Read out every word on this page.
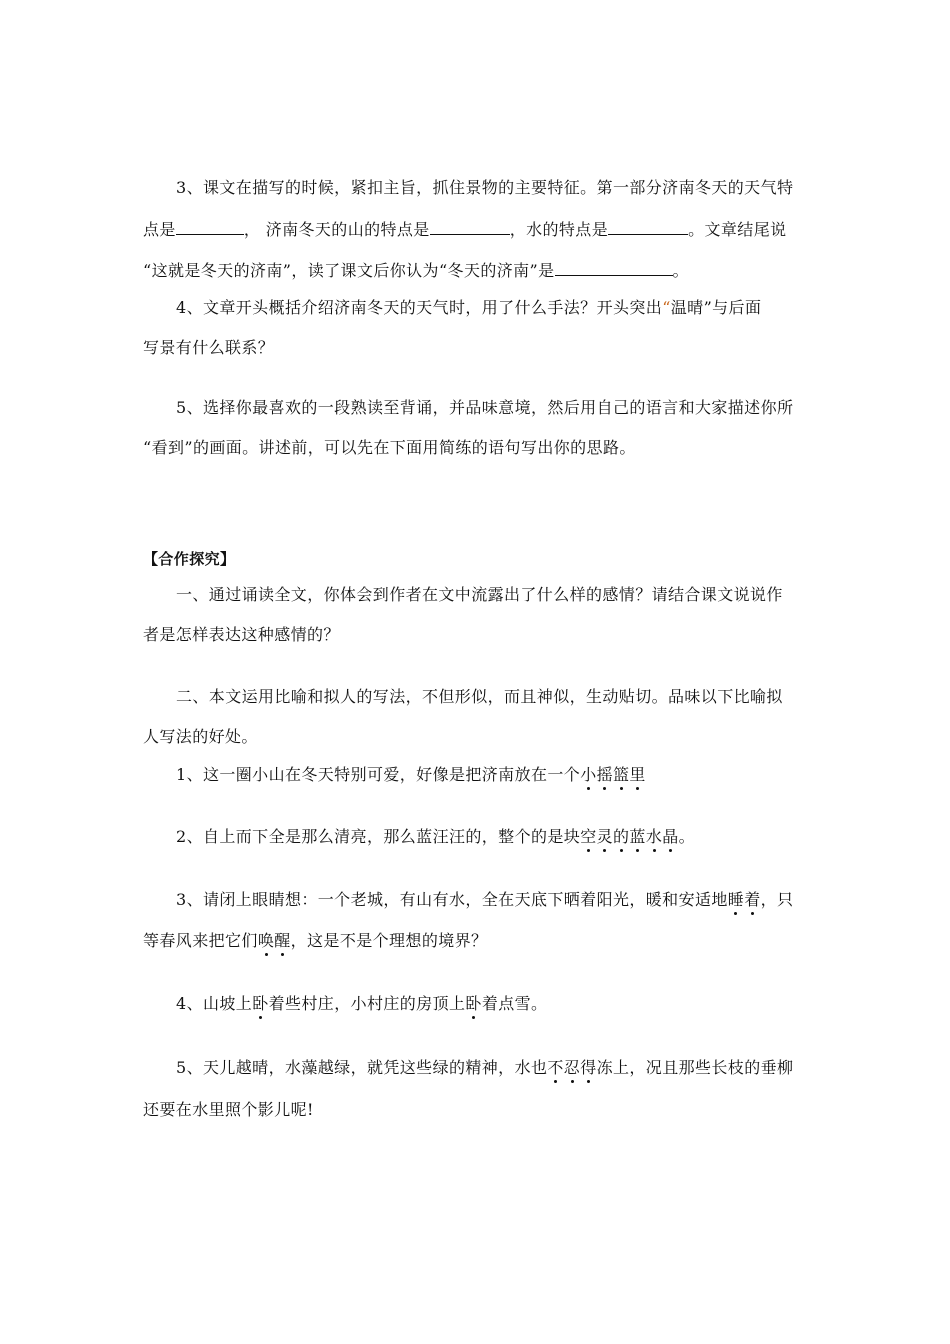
3、课文在描写的时候，紧扣主旨，抓住景物的主要特征。第一部分济南冬天的天气特
点是	， 济南冬天的山的特点是	，水的特点是	。文章结尾说
“这就是冬天的济南”，读了课文后你认为“冬天的济南”是	。
4、文章开头概括介绍济南冬天的天气时，用了什么手法？开头突出“温晴”与后面
写景有什么联系？
5、选择你最喜欢的一段熟读至背诵，并品味意境，然后用自己的语言和大家描述你所
“看到”的画面。讲述前，可以先在下面用简练的语句写出你的思路。
【合作探究】
一、通过诵读全文，你体会到作者在文中流露出了什么样的感情？请结合课文说说作
者是怎样表达这种感情的？
二、本文运用比喻和拟人的写法，不但形似，而且神似，生动贴切。品味以下比喻拟
人写法的好处。
1、这一圈小山在冬天特别可爱，好像是把济南放在一个小摇篮里
2、自上而下全是那么清亮，那么蓝汪汪的，整个的是块空灵的蓝水晶。
3、请闭上眼睛想：一个老城，有山有水，全在天底下晒着阳光，暖和安适地睡着，只
等春风来把它们唤醒，这是不是个理想的境界？
4、山坡上卧着些村庄，小村庄的房顶上卧着点雪。
5、天儿越晴，水藻越绿，就凭这些绿的精神，水也不忍得冻上，况且那些长枝的垂柳
还要在水里照个影儿呢!
